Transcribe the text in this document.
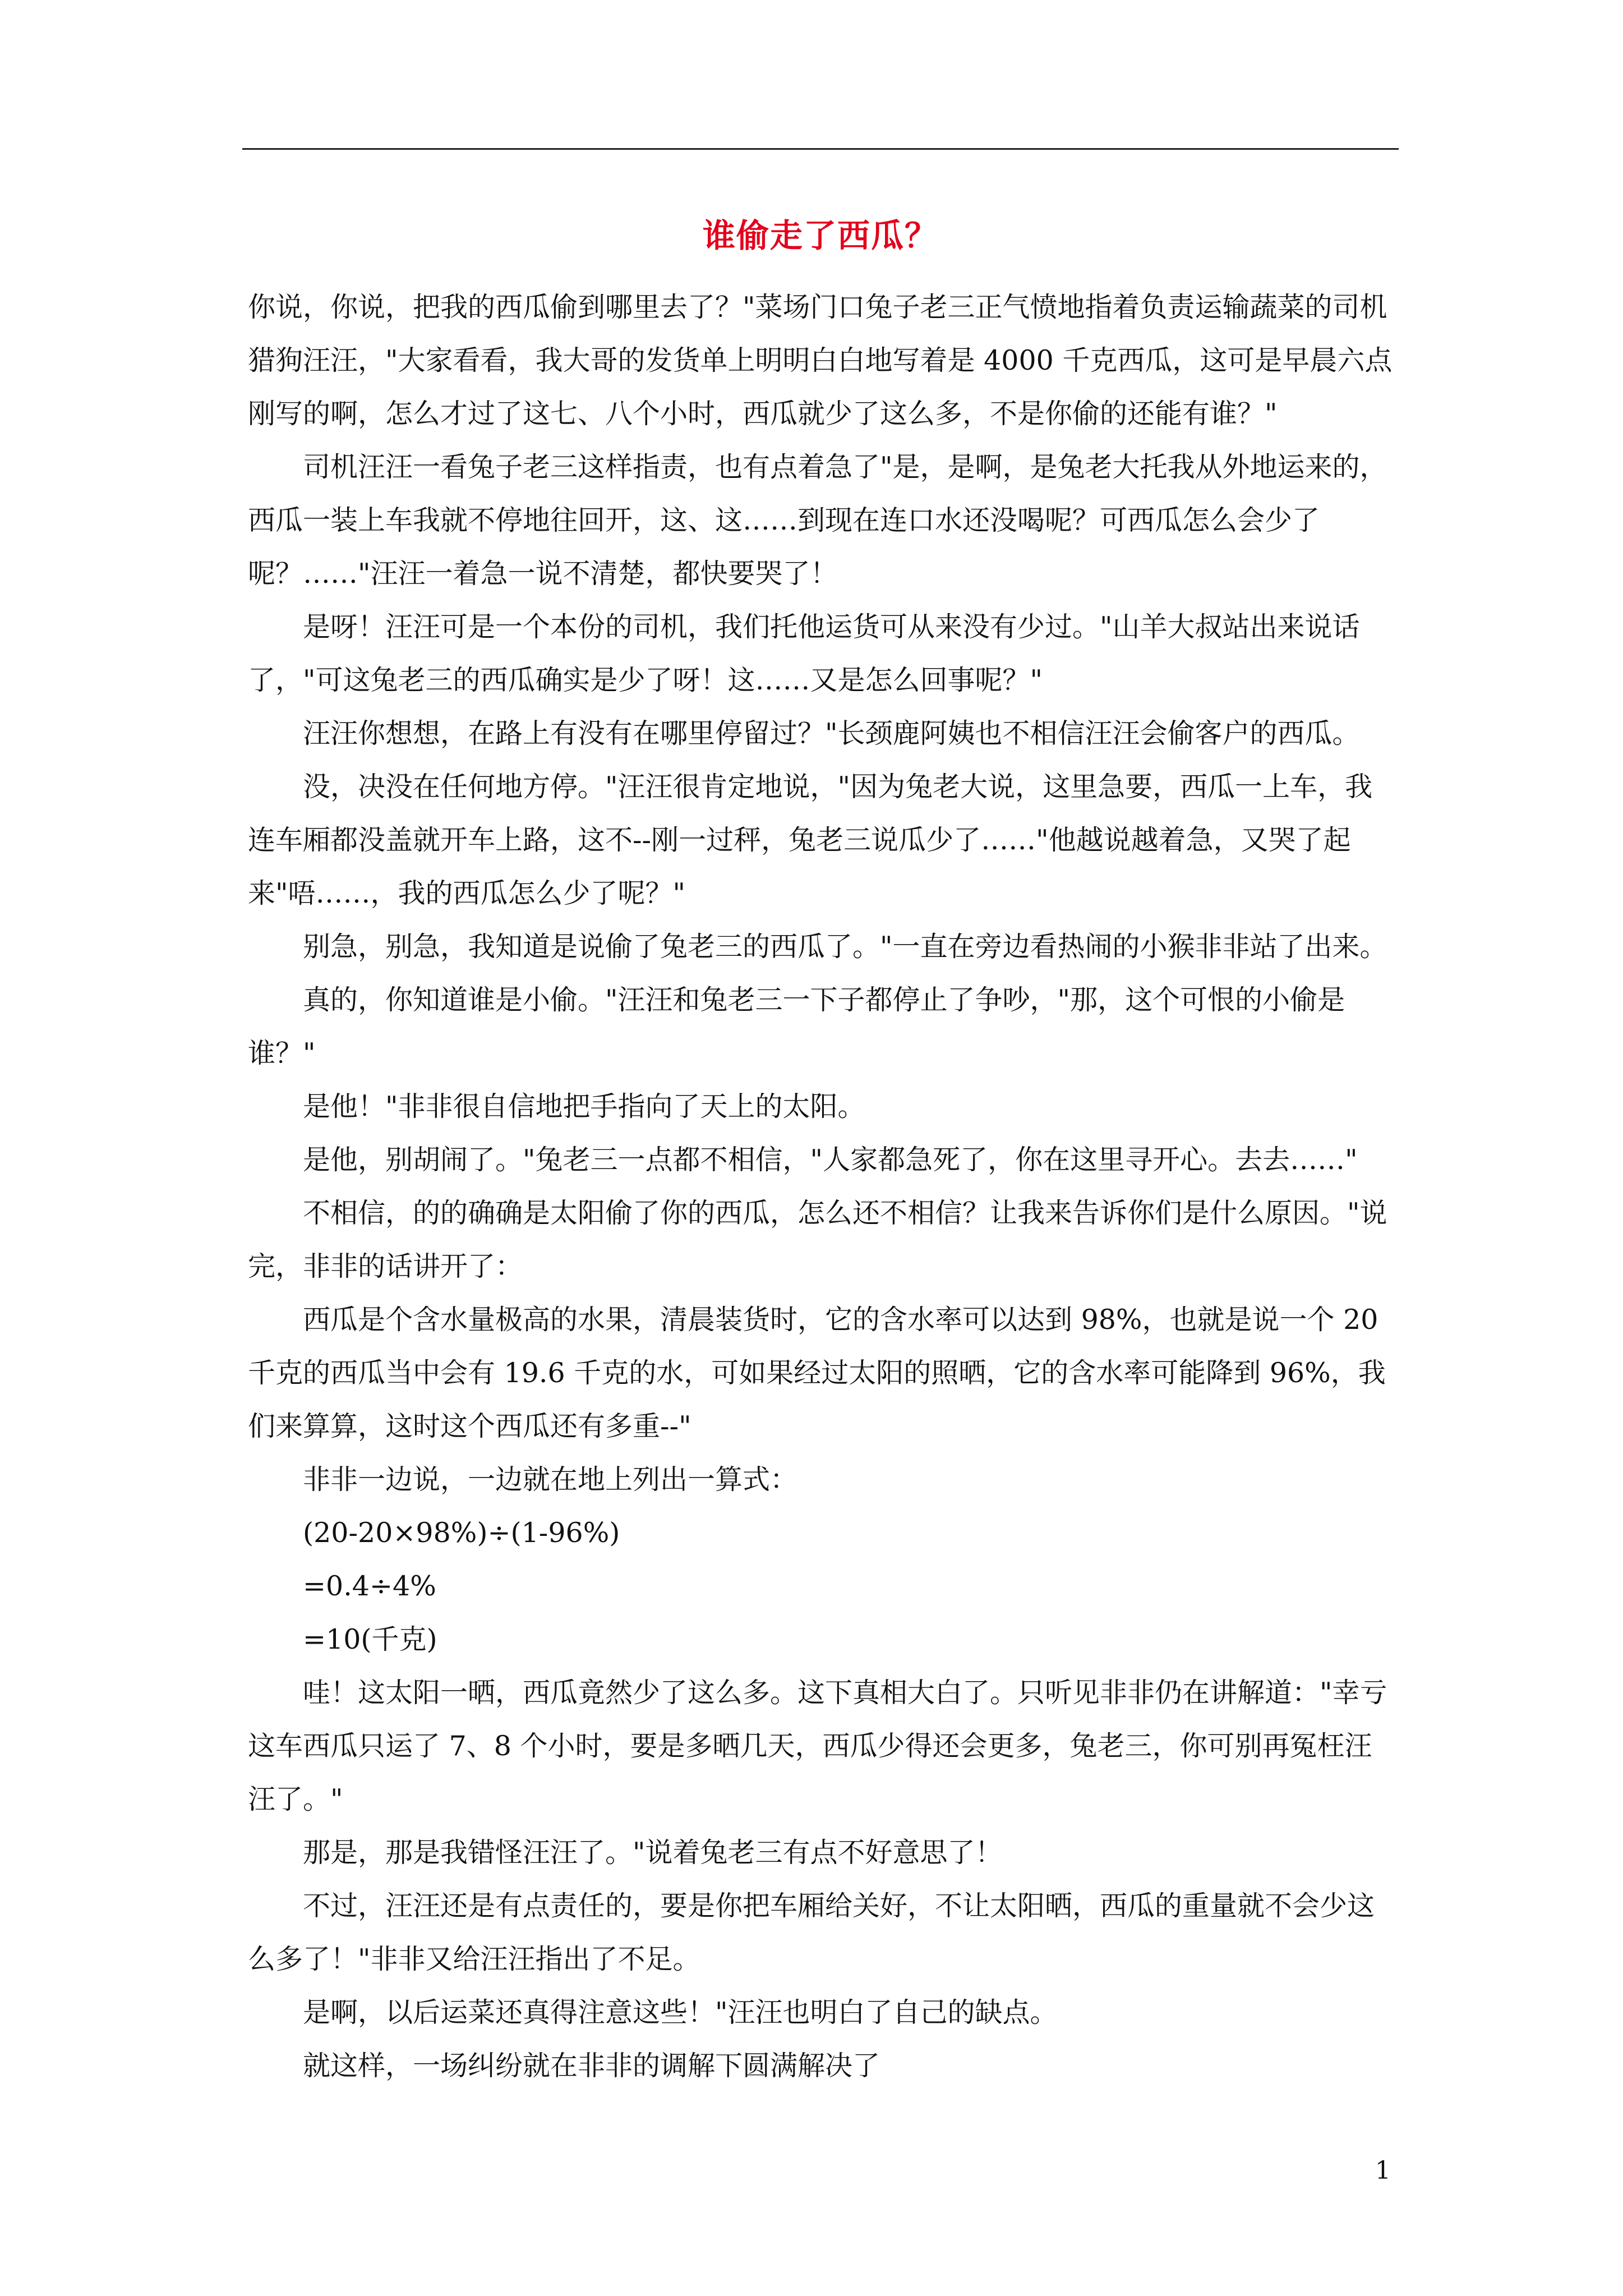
谁偷走了西瓜？

你说，你说，把我的西瓜偷到哪里去了？"菜场门口兔子老三正气愤地指着负责运输蔬菜的司机猎狗汪汪，"大家看看，我大哥的发货单上明明白白地写着是 4000 千克西瓜，这可是早晨六点刚写的啊，怎么才过了这七、八个小时，西瓜就少了这么多，不是你偷的还能有谁？"

司机汪汪一看兔子老三这样指责，也有点着急了"是，是啊，是兔老大托我从外地运来的，西瓜一装上车我就不停地往回开，这、这……到现在连口水还没喝呢？可西瓜怎么会少了呢？……"汪汪一着急一说不清楚，都快要哭了！

是呀！汪汪可是一个本份的司机，我们托他运货可从来没有少过。"山羊大叔站出来说话了，"可这兔老三的西瓜确实是少了呀！这……又是怎么回事呢？"

汪汪你想想，在路上有没有在哪里停留过？"长颈鹿阿姨也不相信汪汪会偷客户的西瓜。

没，决没在任何地方停。"汪汪很肯定地说，"因为兔老大说，这里急要，西瓜一上车，我连车厢都没盖就开车上路，这不--刚一过秤，兔老三说瓜少了……"他越说越着急，又哭了起来"唔……，我的西瓜怎么少了呢？"

别急，别急，我知道是说偷了兔老三的西瓜了。"一直在旁边看热闹的小猴非非站了出来。

真的，你知道谁是小偷。"汪汪和兔老三一下子都停止了争吵，"那，这个可恨的小偷是谁？"

是他！"非非很自信地把手指向了天上的太阳。

是他，别胡闹了。"兔老三一点都不相信，"人家都急死了，你在这里寻开心。去去……"

不相信，的的确确是太阳偷了你的西瓜，怎么还不相信？让我来告诉你们是什么原因。"说完，非非的话讲开了：

西瓜是个含水量极高的水果，清晨装货时，它的含水率可以达到 98%，也就是说一个 20 千克的西瓜当中会有 19.6 千克的水，可如果经过太阳的照晒，它的含水率可能降到 96%，我们来算算，这时这个西瓜还有多重--"

非非一边说，一边就在地上列出一算式：

(20-20×98%)÷(1-96%)

=0.4÷4%

=10(千克)

哇！这太阳一晒，西瓜竟然少了这么多。这下真相大白了。只听见非非仍在讲解道："幸亏这车西瓜只运了 7、8 个小时，要是多晒几天，西瓜少得还会更多，兔老三，你可别再冤枉汪汪了。"

那是，那是我错怪汪汪了。"说着兔老三有点不好意思了！

不过，汪汪还是有点责任的，要是你把车厢给关好，不让太阳晒，西瓜的重量就不会少这么多了！"非非又给汪汪指出了不足。

是啊，以后运菜还真得注意这些！"汪汪也明白了自己的缺点。

就这样，一场纠纷就在非非的调解下圆满解决了

1
